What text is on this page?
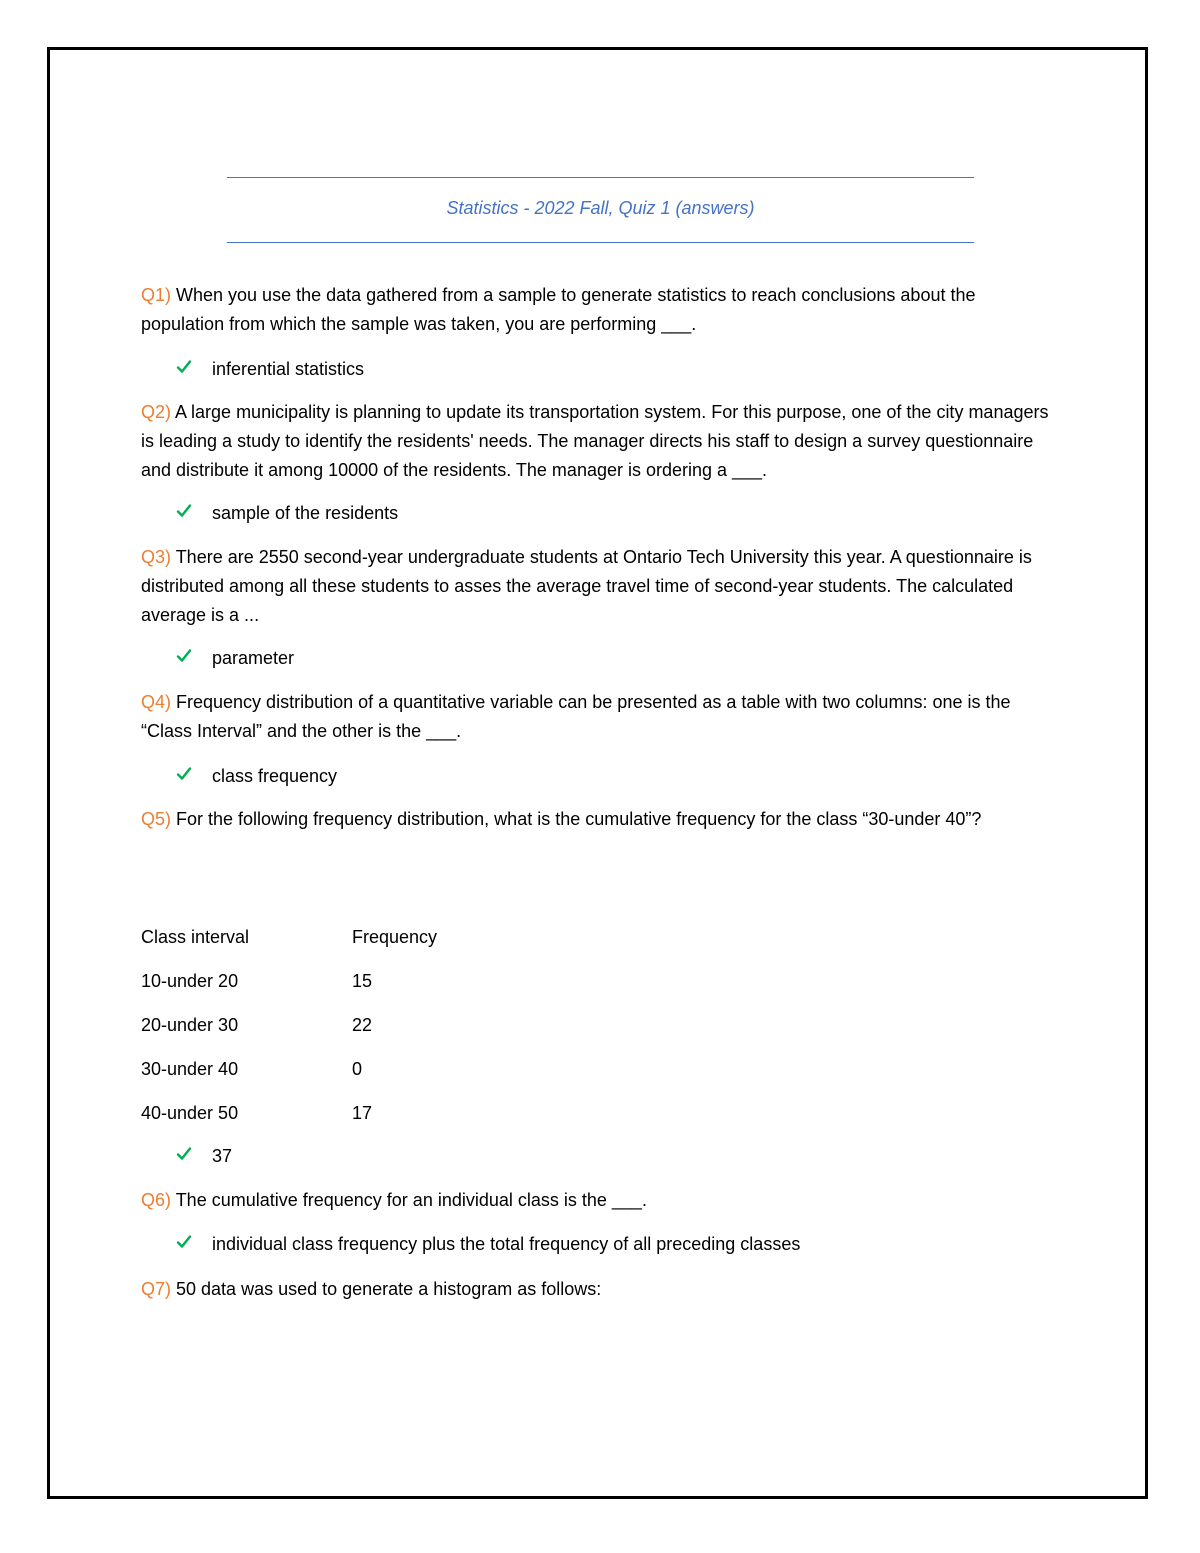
Statistics - 2022 Fall, Quiz 1 (answers)
Q1) When you use the data gathered from a sample to generate statistics to reach conclusions about the population from which the sample was taken, you are performing ___.
inferential statistics
Q2) A large municipality is planning to update its transportation system. For this purpose, one of the city managers is leading a study to identify the residents' needs. The manager directs his staff to design a survey questionnaire and distribute it among 10000 of the residents. The manager is ordering a ___.
sample of the residents
Q3) There are 2550 second-year undergraduate students at Ontario Tech University this year. A questionnaire is distributed among all these students to asses the average travel time of second-year students. The calculated average is a ...
parameter
Q4) Frequency distribution of a quantitative variable can be presented as a table with two columns: one is the “Class Interval” and the other is the ___.
class frequency
Q5) For the following frequency distribution, what is the cumulative frequency for the class “30-under 40”?
Class interval	Frequency
10-under 20	15
20-under 30	22
30-under 40	0
40-under 50	17
37
Q6) The cumulative frequency for an individual class is the ___.
individual class frequency plus the total frequency of all preceding classes
Q7) 50 data was used to generate a histogram as follows:
